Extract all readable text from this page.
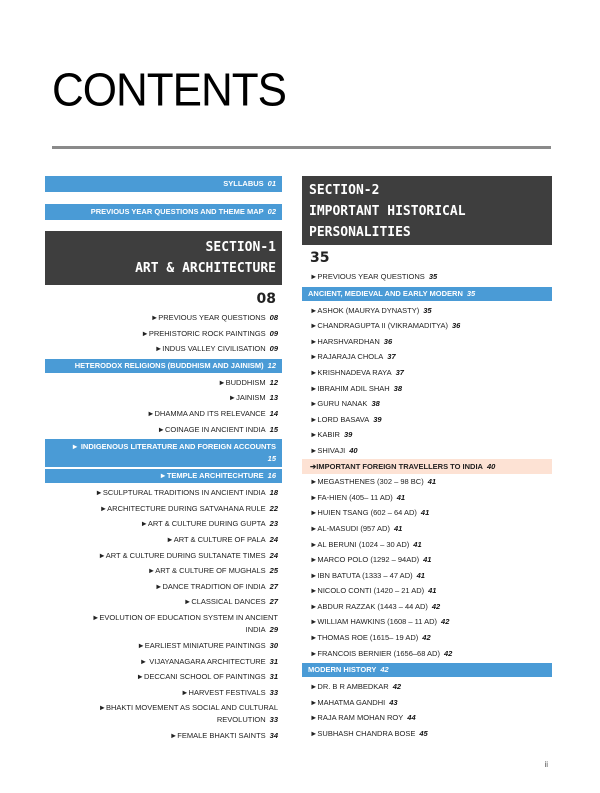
CONTENTS
SYLLABUS 01
PREVIOUS YEAR QUESTIONS AND THEME MAP 02
SECTION-1
ART & ARCHITECTURE
08
►PREVIOUS YEAR QUESTIONS 08
►PREHISTORIC ROCK PAINTINGS 09
►INDUS VALLEY CIVILISATION 09
HETERODOX RELIGIONS (BUDDHISM AND JAINISM) 12
►BUDDHISM 12
►JAINISM 13
►DHAMMA AND ITS RELEVANCE 14
►COINAGE IN ANCIENT INDIA 15
► INDIGENOUS LITERATURE AND FOREIGN ACCOUNTS
15
►TEMPLE ARCHITECHTURE 16
►SCULPTURAL TRADITIONS IN ANCIENT INDIA 18
►ARCHITECTURE DURING SATVAHANA RULE 22
►ART & CULTURE DURING GUPTA 23
►ART & CULTURE OF PALA 24
►ART & CULTURE DURING SULTANATE TIMES 24
►ART & CULTURE OF MUGHALS 25
►DANCE TRADITION OF INDIA 27
►CLASSICAL DANCES 27
►EVOLUTION OF EDUCATION SYSTEM IN ANCIENT INDIA 29
►EARLIEST MINIATURE PAINTINGS 30
► VIJAYANAGARA ARCHITECTURE 31
►DECCANI SCHOOL OF PAINTINGS 31
►HARVEST FESTIVALS 33
►BHAKTI MOVEMENT AS SOCIAL AND CULTURAL REVOLUTION 33
►FEMALE BHAKTI SAINTS 34
SECTION-2
IMPORTANT HISTORICAL
PERSONALITIES
35
►PREVIOUS YEAR QUESTIONS 35
ANCIENT, MEDIEVAL AND EARLY MODERN 35
►ASHOK (MAURYA DYNASTY) 35
►CHANDRAGUPTA II (VIKRAMADITYA) 36
►HARSHVARDHAN 36
►RAJARAJA CHOLA 37
►KRISHNADEVA RAYA 37
►IBRAHIM ADIL SHAH 38
►GURU NANAK 38
►LORD BASAVA 39
►KABIR 39
►SHIVAJI 40
➔IMPORTANT FOREIGN TRAVELLERS TO INDIA 40
►MEGASTHENES (302 – 98 BC) 41
►FA-HIEN (405– 11 AD) 41
►HUIEN TSANG (602 – 64 AD) 41
►AL-MASUDI (957 AD) 41
►AL BERUNI (1024 – 30 AD) 41
►MARCO POLO (1292 – 94AD) 41
►IBN BATUTA (1333 – 47 AD) 41
►NICOLO CONTI (1420 – 21 AD) 41
►ABDUR RAZZAK (1443 – 44 AD) 42
►WILLIAM HAWKINS (1608 – 11 AD) 42
►THOMAS ROE (1615– 19 AD) 42
►FRANCOIS BERNIER (1656–68 AD) 42
MODERN HISTORY 42
►DR. B R AMBEDKAR 42
►MAHATMA GANDHI 43
►RAJA RAM MOHAN ROY 44
►SUBHASH CHANDRA BOSE 45
ii
